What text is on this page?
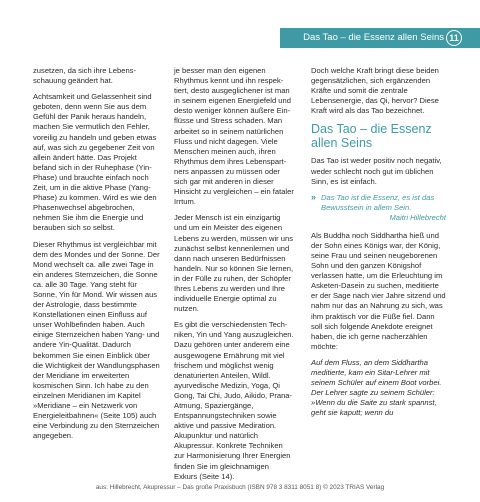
Das Tao – die Essenz allen Seins 11

zusetzen, da sich ihre Lebensschauung geändert hat.

Achtsamkeit und Gelassenheit sind geboten, denn wenn Sie aus dem Gefühl der Panik heraus handeln, machen Sie vermutlich den Fehler, voreilig zu handeln und geben etwas auf, was sich zu gegebener Zeit von allein ändert hätte. Das Projekt befand sich in der Ruhephase (Yin-Phase) und brauchte einfach noch Zeit, um in die aktive Phase (Yang-Phase) zu kommen. Wird es wie den Phasenwechsel abgebrochen, nehmen Sie ihm die Energie und berauben sich so selbst.

Dieser Rhythmus ist vergleichbar mit dem des Mondes und der Sonne. Der Mond wechselt ca. alle zwei Tage in ein anderes Sternzeichen, die Sonne ca. alle 30 Tage. Yang steht für Sonne, Yin für Mond. Wir wissen aus der Astrologie, dass bestimmte Konstellationen einen Einfluss auf unser Wohlbefinden haben. Auch einige Sternzeichen haben Yang- und andere Yin-Qualität. Dadurch bekommen Sie einen Einblick über die Wichtigkeit der Wandlungsphasen der Meridiane im erweiterten kosmischen Sinn. Ich habe zu den einzelnen Meridianen im Kapitel »Meridiane – ein Netzwerk von Energieleitbahnen« (Seite 105) auch eine Verbindung zu den Sternzeichen angegeben.

je besser man den eigenen Rhythmus kennt und ihn respektiert, desto ausgeglichener ist man in seinem eigenen Energiefeld und desto weniger können äußere Einflüsse und Stress schaden. Man arbeitet so in seinem natürlichen Fluss und nicht dagegen. Viele Menschen meinen auch, ihren Rhythmus dem ihres Lebenspartners anpassen zu müssen oder sich gar mit anderen in dieser Hinsicht zu vergleichen – ein fataler Irrtum.

Jeder Mensch ist ein einzigartig und um ein Meister des eigenen Lebens zu werden, müssen wir uns zunächst selbst kennenlernen und dann nach unseren Bedürfnissen handeln. Nur so können Sie lernen, in der Fülle zu ruhen, der Schöpfer Ihres Lebens zu werden und Ihre individuelle Energie optimal zu nutzen.

Es gibt die verschiedensten Techniken, Yin und Yang auszugleichen. Dazu gehören unter anderem eine ausgewogene Ernährung mit viel frischem und möglichst wenig denaturierten Anteilen, Wildl. ayurvedische Medizin, Yoga, Qi Gong, Tai Chi, Judo, Aikido, Prana-Atmung, Spaziergänge, Entspannungstechniken sowie aktive und passive Mediration. Akupunktur und natürlich Akupressur. Konkrete Techniken zur Harmonisierung Ihrer Energien finden Sie im gleichnamigen Exkurs (Seite 14).

Doch welche Kraft bringt diese beiden gegensätzlichen, sich ergänzenden Kräfte und somit die zentrale Lebensenergie, das Qi, hervor? Diese Kraft wird als das Tao bezeichnet.

Das Tao – die Essenz allen Seins

Das Tao ist weder positiv noch negativ, weder schlecht noch gut im üblichen Sinn, es ist einfach.

» Das Tao ist die Essenz, es ist das Bewusstsein in allem Sein.
Maitri Hillebrecht

Als Buddha noch Siddhartha hieß und der Sohn eines Königs war, der König, seine Frau und seinen neugeborenen Sohn und den ganzen Königshof verlassen hatte, um die Erleuchtung im Asketen-Dasein zu suchen, meditierte er der Sage nach vier Jahre sitzend und nahm nur das an Nahrung zu sich, was ihm praktisch vor die Füße fiel. Dann soll sich folgende Anekdote ereignet haben, die ich gerne nacherzählen möchte:

Auf dem Fluss, an dem Siddhartha meditierte, kam ein Sitar-Lehrer mit seinem Schüler auf einem Boot vorbei. Der Lehrer sagte zu seinem Schüler: »Wenn du die Saite zu stark spannst, geht sie kaputt; wenn du

aus: Hillebrecht, Akupressur – Das große Praxisbuch (ISBN 978 3 8311 8051 8) © 2023 TRIAS Verlag
